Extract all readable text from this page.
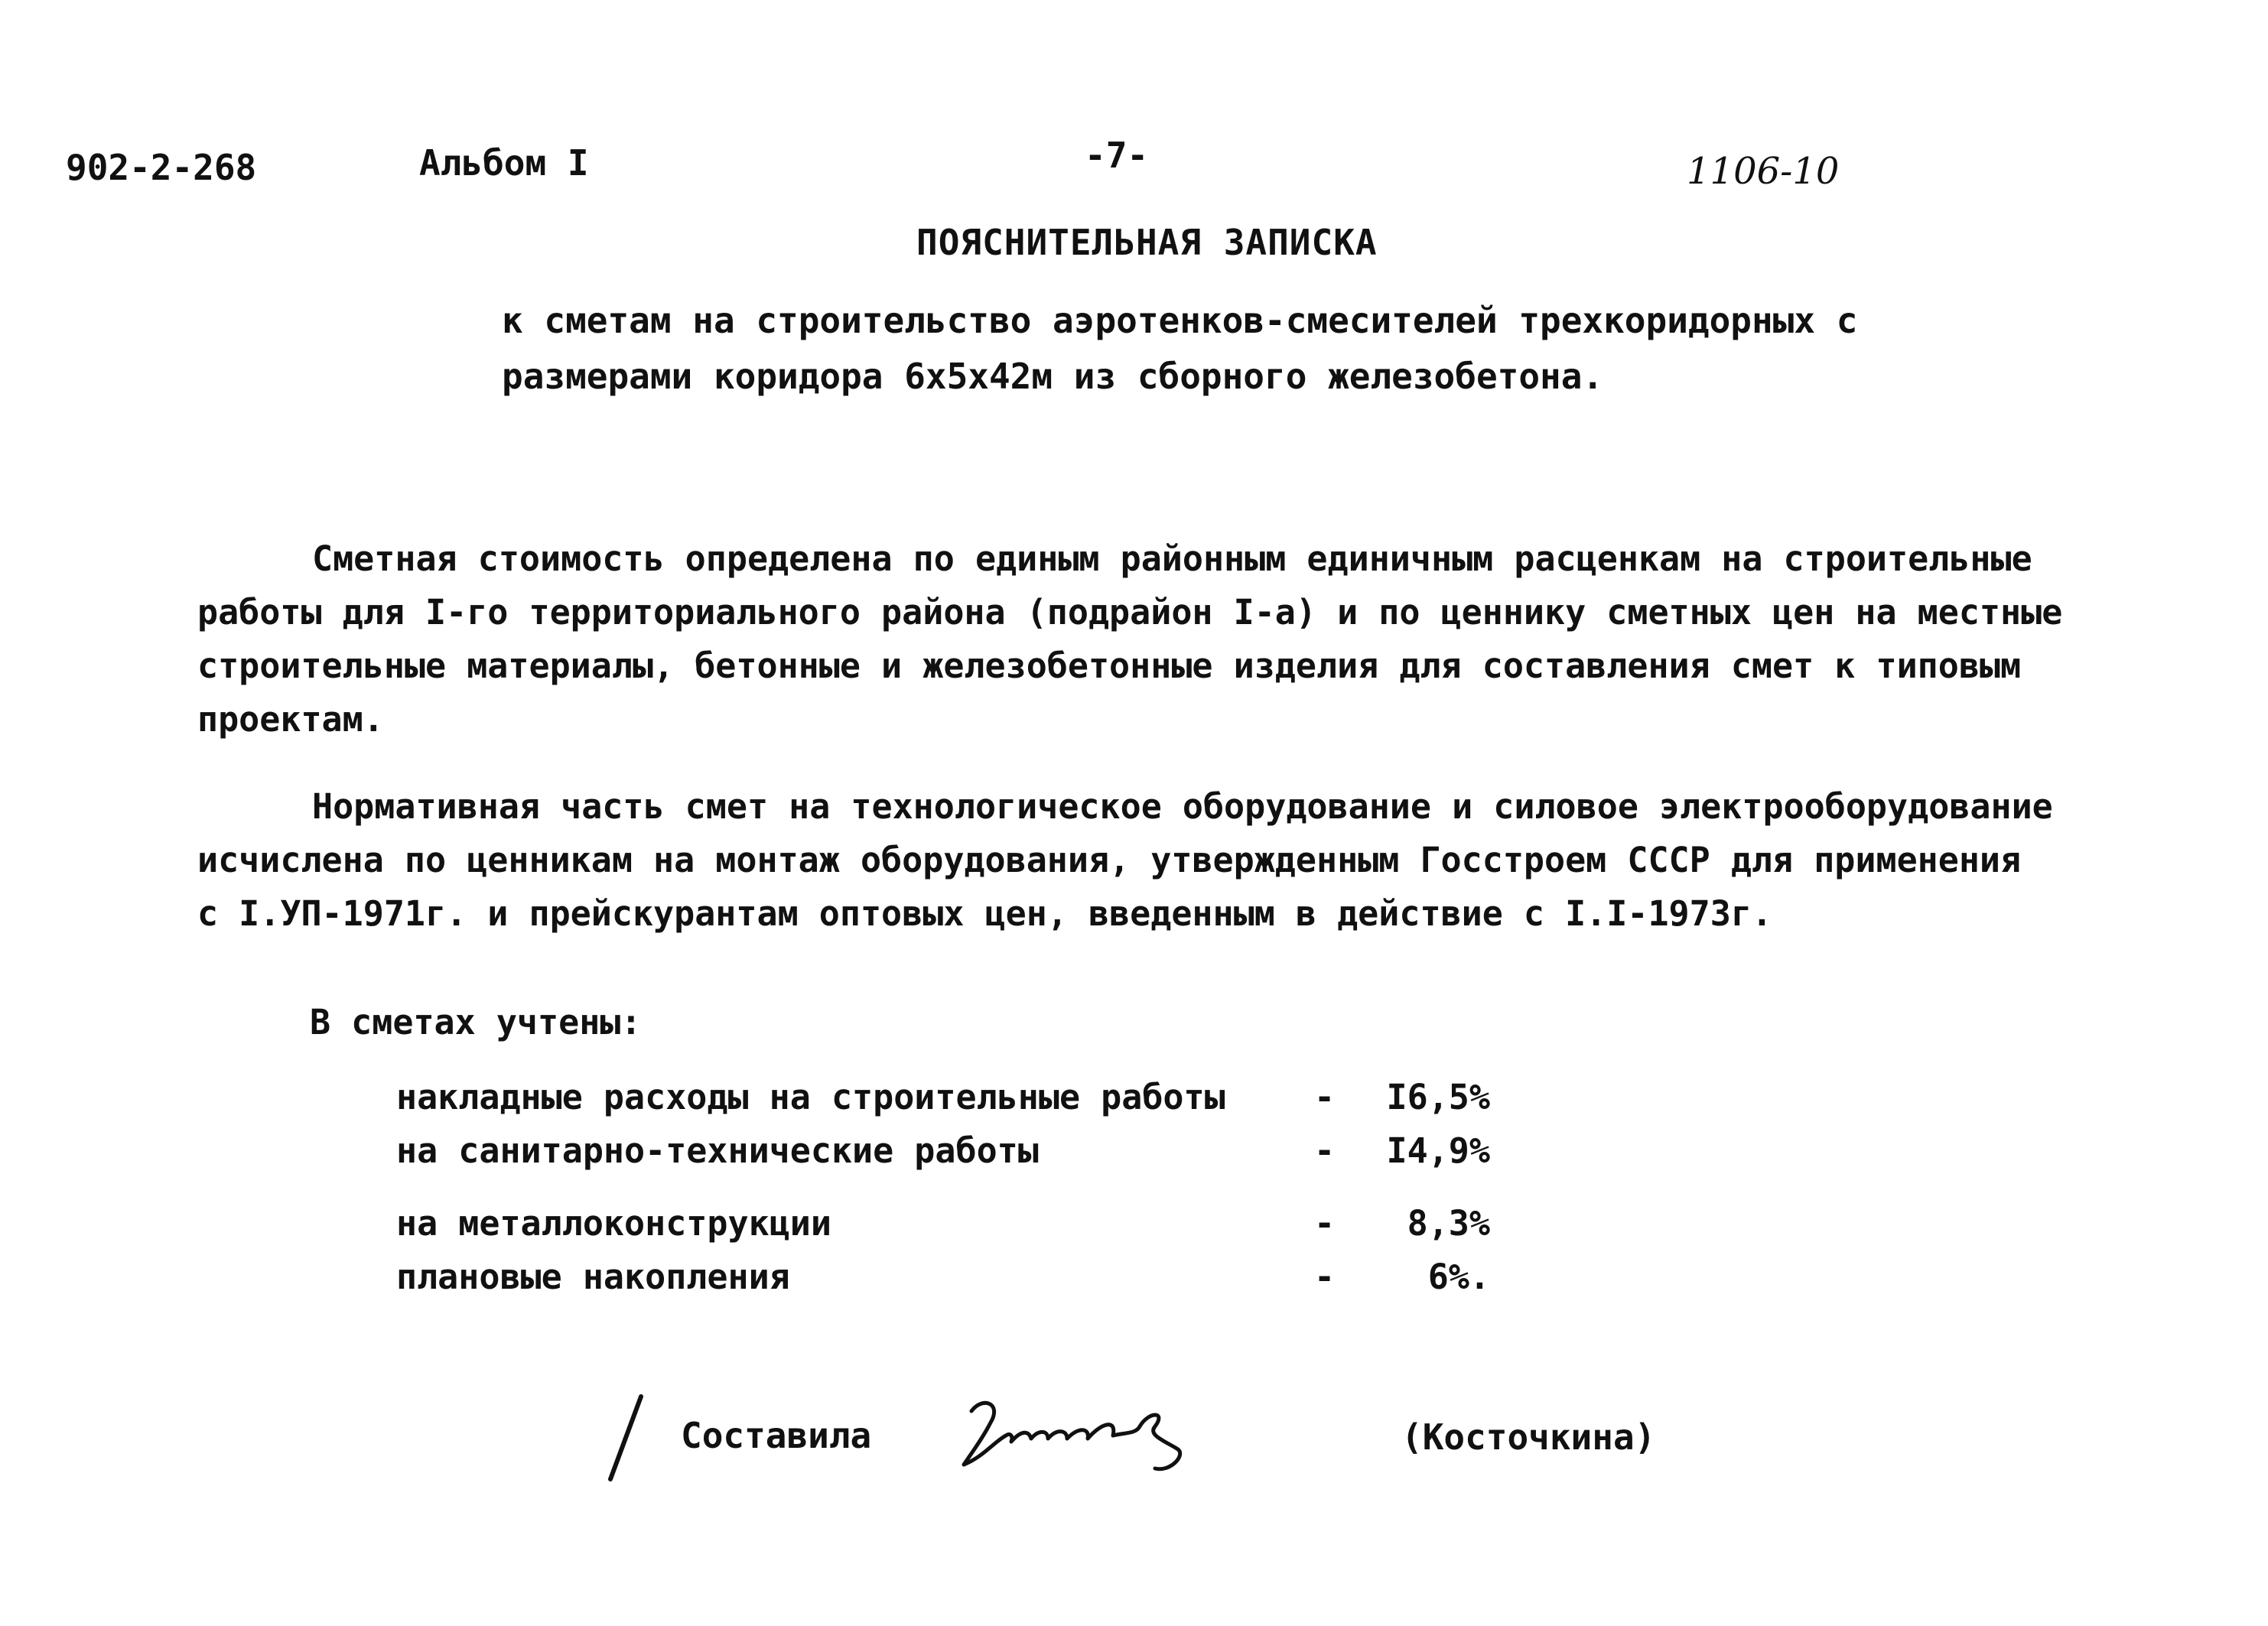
902-2-268	Альбом I	-7-	1106-10
ПОЯСНИТЕЛЬНАЯ ЗАПИСКА
к сметам на строительство аэротенков-смесителей трехкоридорных с
размерами коридора 6х5х42м из сборного железобетона.
Сметная стоимость определена по единым районным единичным расценкам на строительные
работы для I-го территориального района (подрайон I-а) и по ценнику сметных цен на местные
строительные материалы, бетонные и железобетонные изделия для составления смет к типовым
проектам.
Нормативная часть смет на технологическое оборудование и силовое электрооборудование
исчислена по ценникам на монтаж оборудования, утвержденным Госстроем СССР для применения
с I.УП-1971г. и прейскурантам оптовых цен, введенным в действие с I.I-1973г.
В сметах учтены:
накладные расходы на строительные работы	-	I6,5%
на санитарно-технические работы	-	I4,9%
на металлоконструкции	-	8,3%
плановые накопления	-	6%.
Составила	(Косточкина)
